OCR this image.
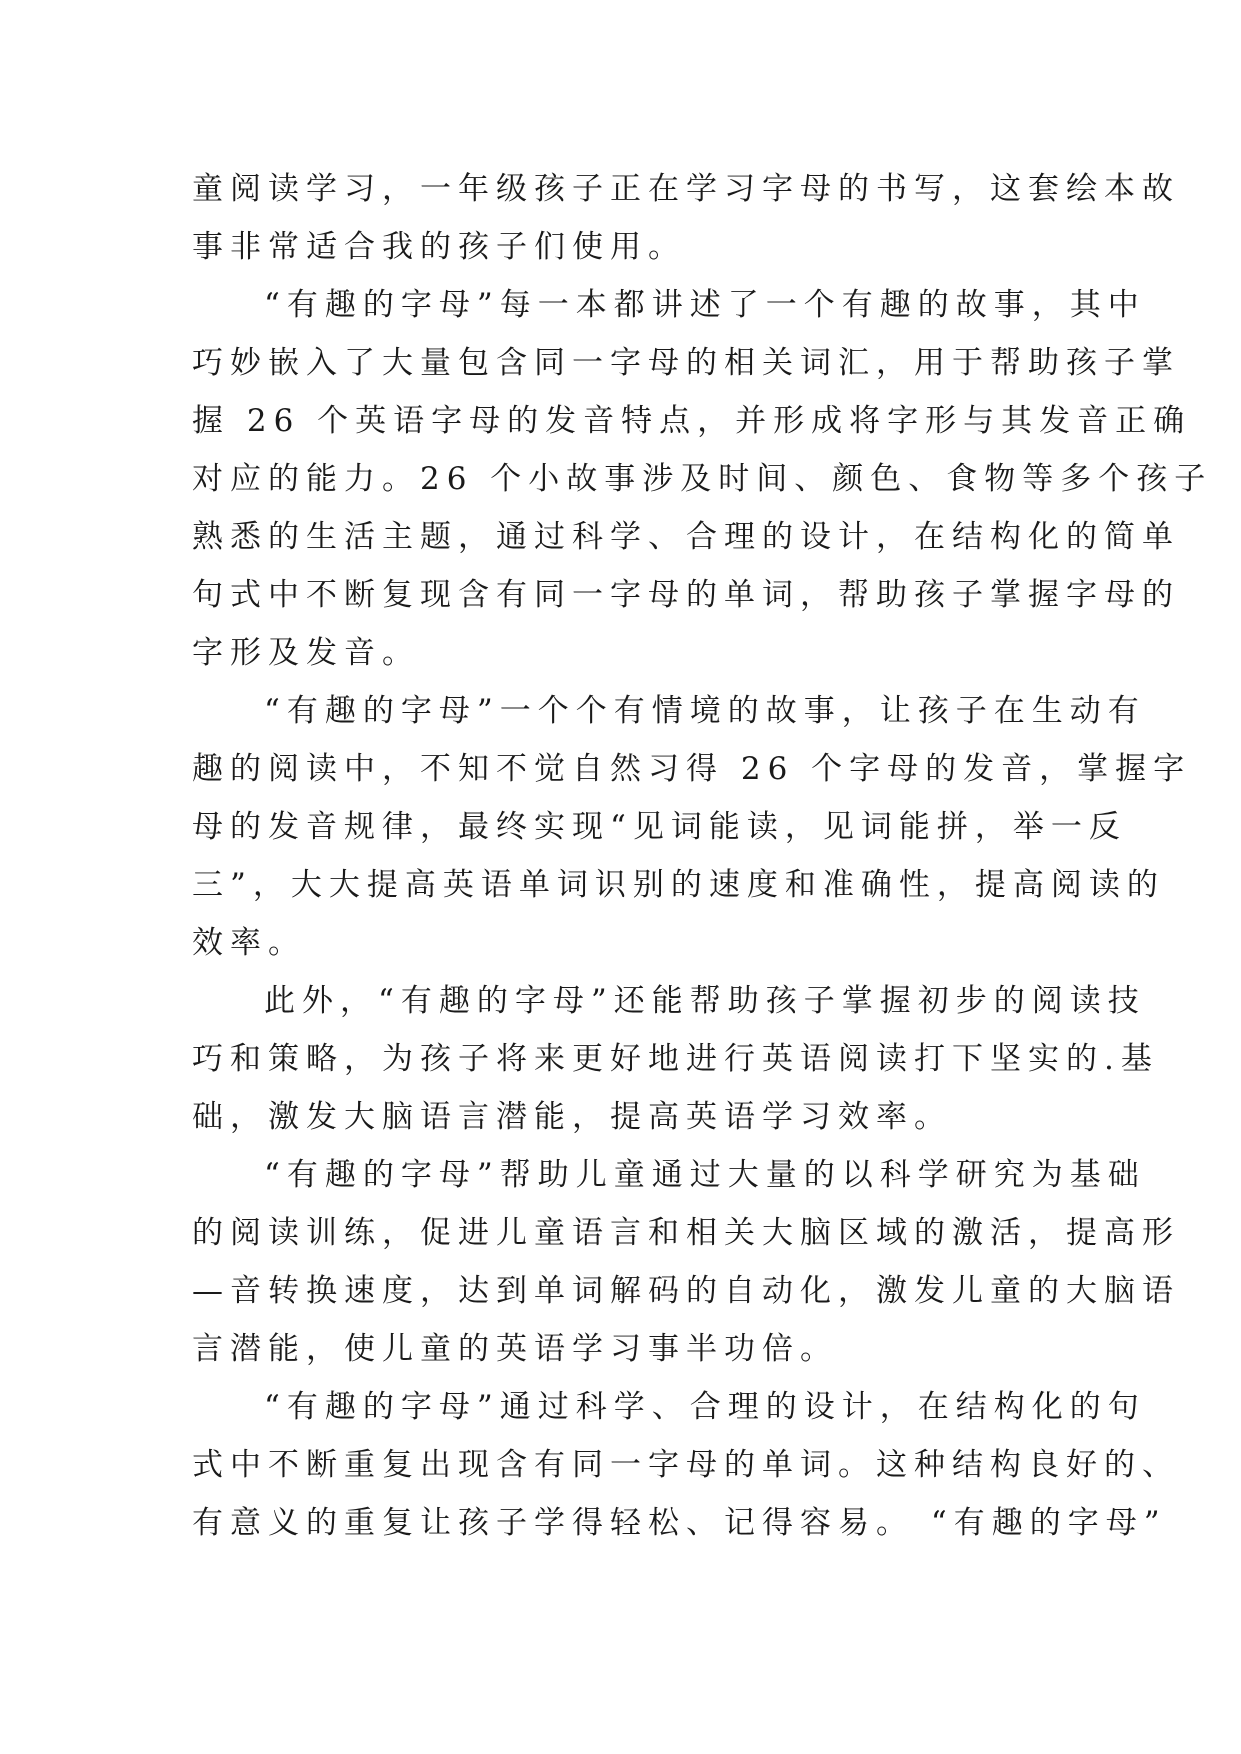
童阅读学习，一年级孩子正在学习字母的书写，这套绘本故
事非常适合我的孩子们使用。
“有趣的字母”每一本都讲述了一个有趣的故事，其中
巧妙嵌入了大量包含同一字母的相关词汇，用于帮助孩子掌
握 26 个英语字母的发音特点，并形成将字形与其发音正确
对应的能力。26 个小故事涉及时间、颜色、食物等多个孩子
熟悉的生活主题，通过科学、合理的设计，在结构化的简单
句式中不断复现含有同一字母的单词，帮助孩子掌握字母的
字形及发音。
“有趣的字母”一个个有情境的故事，让孩子在生动有
趣的阅读中，不知不觉自然习得 26 个字母的发音，掌握字
母的发音规律，最终实现“见词能读，见词能拼，举一反
三”，大大提高英语单词识别的速度和准确性，提高阅读的
效率。
此外，“有趣的字母”还能帮助孩子掌握初步的阅读技
巧和策略，为孩子将来更好地进行英语阅读打下坚实的.基
础，激发大脑语言潜能，提高英语学习效率。
“有趣的字母”帮助儿童通过大量的以科学研究为基础
的阅读训练，促进儿童语言和相关大脑区域的激活，提高形
—音转换速度，达到单词解码的自动化，激发儿童的大脑语
言潜能，使儿童的英语学习事半功倍。
“有趣的字母”通过科学、合理的设计，在结构化的句
式中不断重复出现含有同一字母的单词。这种结构良好的、
有意义的重复让孩子学得轻松、记得容易。 “有趣的字母”
